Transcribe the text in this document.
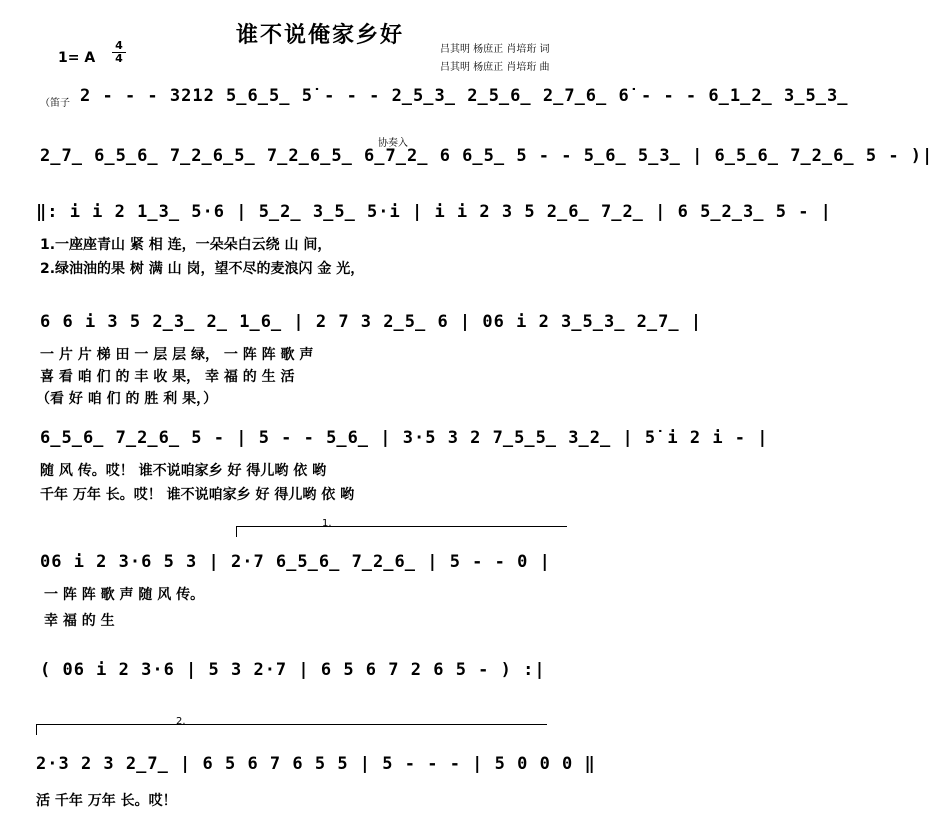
谁不说俺家乡好
1= A $\frac{4}{4}$	吕其明 杨庶正 肖培珩 词
吕其明 杨庶正 肖培珩 曲
（笛子 2 - - - 3212 5̲6̲5̲ 5̇ - - - 2̲5̲3̲ 2̲5̲6̲ 2̲7̲6̲ 6̇ - - - 6̲1̲2̲ 3̲5̲3̲
协奏入
2̲7̲ 6̲5̲6̲ 7̲2̲6̲5̲ 7̲2̲6̲5̲ 6̲7̲2̲ 6 6̲5̲ 5 - - 5̲6̲ 5̲3̲ | 6̲5̲6̲ 7̲2̲6̲ 5 - )|
‖: i i 2 1̲3̲ 5·6 | 5̲2̲ 3̲5̲ 5·i | i i 2 3 5 2̲6̲ 7̲2̲ | 6 5̲2̲3̲ 5 - |
1.一座座青山 紧 相 连，一朵朵白云绕 山 间，
2.绿油油的果 树 满 山 岗，望不尽的麦浪闪 金 光，
6 6 i 3 5 2̲3̲ 2̲ 1̲6̲ | 2 7 3 2̲5̲ 6 | 06 i 2 3̲5̲3̲ 2̲7̲ |
一 片 片 梯 田 一 层 层 绿， 一 阵 阵 歌 声
喜 看 咱 们 的 丰 收 果， 幸 福 的 生 活
（看 好 咱 们 的 胜 利 果，）
6̲5̲6̲ 7̲2̲6̲ 5 - | 5 - - 5̲6̲ | 3·5 3 2 7̲5̲5̲ 3̲2̲ | 5̇ i 2 i - |
随 风 传。哎！ 谁不说咱家乡 好 得儿哟 依 哟
千年 万年 长。哎！ 谁不说咱家乡 好 得儿哟 依 哟
1.
06 i 2 3·6 5 3 | 2·7 6̲5̲6̲ 7̲2̲6̲ | 5 - - 0 |
一 阵 阵 歌 声 随 风 传。
幸 福 的 生
( 06 i 2 3·6 | 5 3 2·7 | 6 5 6 7 2 6 5 - ) :|
2.
2·3 2 3 2̲7̲ | 6 5 6 7 6 5 5 | 5 - - - | 5 0 0 0 ‖
活 千年 万年 长。哎！
